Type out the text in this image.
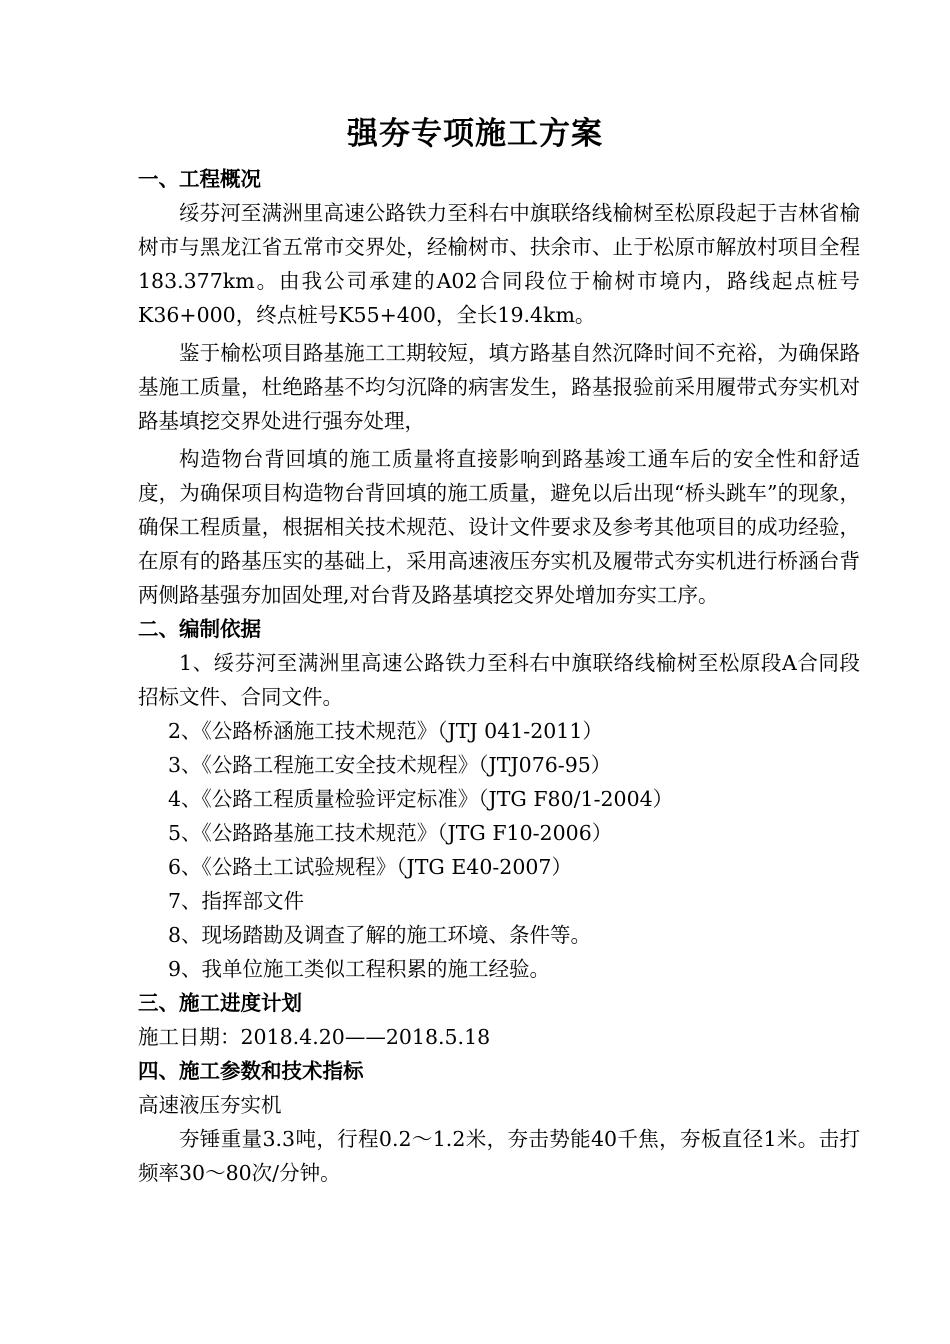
强夯专项施工方案
一、工程概况

绥芬河至满洲里高速公路铁力至科右中旗联络线榆树至松原段起于吉林省榆树市与黑龙江省五常市交界处，经榆树市、扶余市、止于松原市解放村项目全程183.377km。由我公司承建的A02合同段位于榆树市境内，路线起点桩号K36+000，终点桩号K55+400，全长19.4km。

鉴于榆松项目路基施工工期较短，填方路基自然沉降时间不充裕，为确保路基施工质量，杜绝路基不均匀沉降的病害发生，路基报验前采用履带式夯实机对路基填挖交界处进行强夯处理，

构造物台背回填的施工质量将直接影响到路基竣工通车后的安全性和舒适度，为确保项目构造物台背回填的施工质量，避免以后出现“桥头跳车”的现象，确保工程质量，根据相关技术规范、设计文件要求及参考其他项目的成功经验，在原有的路基压实的基础上，采用高速液压夯实机及履带式夯实机进行桥涵台背两侧路基强夯加固处理,对台背及路基填挖交界处增加夯实工序。

二、编制依据

1、绥芬河至满洲里高速公路铁力至科右中旗联络线榆树至松原段A合同段招标文件、合同文件。

2、《公路桥涵施工技术规范》（JTJ 041-2011）

3、《公路工程施工安全技术规程》（JTJ076-95）

4、《公路工程质量检验评定标准》（JTG F80/1-2004）

5、《公路路基施工技术规范》（JTG F10-2006）

6、《公路土工试验规程》（JTG E40-2007）

7、指挥部文件

8、现场踏勘及调查了解的施工环境、条件等。

9、我单位施工类似工程积累的施工经验。

三、施工进度计划

施工日期：2018.4.20——2018.5.18

四、施工参数和技术指标

高速液压夯实机

夯锤重量3.3吨，行程0.2～1.2米，夯击势能40千焦，夯板直径1米。击打频率30～80次/分钟。
